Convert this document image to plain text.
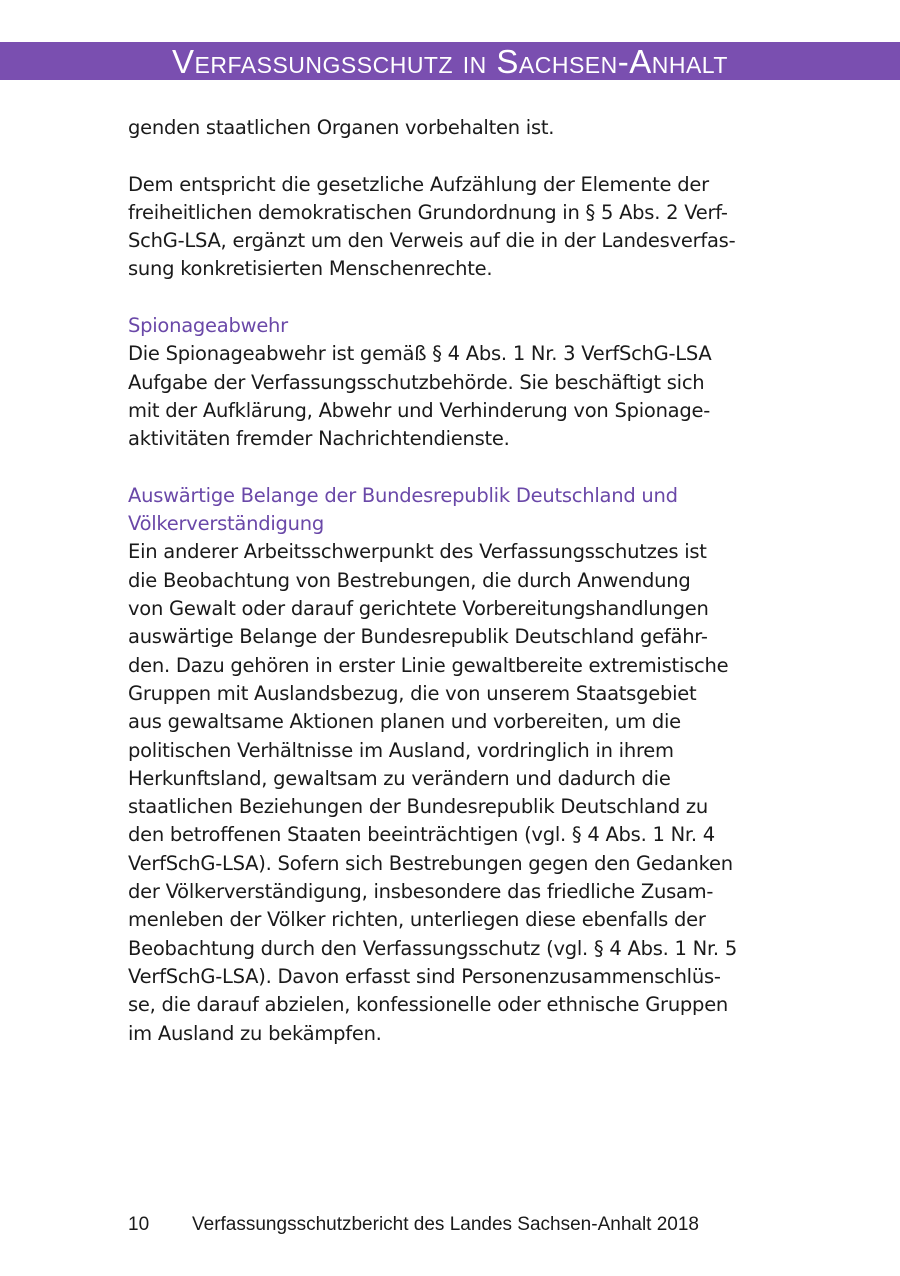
Verfassungsschutz in Sachsen-Anhalt

genden staatlichen Organen vorbehalten ist.

Dem entspricht die gesetzliche Aufzählung der Elemente der
freiheitlichen demokratischen Grundordnung in § 5 Abs. 2 Verf-
SchG-LSA, ergänzt um den Verweis auf die in der Landesverfas-
sung konkretisierten Menschenrechte.

Spionageabwehr

Die Spionageabwehr ist gemäß § 4 Abs. 1 Nr. 3 VerfSchG-LSA
Aufgabe der Verfassungsschutzbehörde. Sie beschäftigt sich
mit der Aufklärung, Abwehr und Verhinderung von Spionage-
aktivitäten fremder Nachrichtendienste.

Auswärtige Belange der Bundesrepublik Deutschland und
Völkerverständigung

Ein anderer Arbeitsschwerpunkt des Verfassungsschutzes ist
die Beobachtung von Bestrebungen, die durch Anwendung
von Gewalt oder darauf gerichtete Vorbereitungshandlungen
auswärtige Belange der Bundesrepublik Deutschland gefähr-
den. Dazu gehören in erster Linie gewaltbereite extremistische
Gruppen mit Auslandsbezug, die von unserem Staatsgebiet
aus gewaltsame Aktionen planen und vorbereiten, um die
politischen Verhältnisse im Ausland, vordringlich in ihrem
Herkunftsland, gewaltsam zu verändern und dadurch die
staatlichen Beziehungen der Bundesrepublik Deutschland zu
den betroffenen Staaten beeinträchtigen (vgl. § 4 Abs. 1 Nr. 4
VerfSchG-LSA). Sofern sich Bestrebungen gegen den Gedanken
der Völkerverständigung, insbesondere das friedliche Zusam-
menleben der Völker richten, unterliegen diese ebenfalls der
Beobachtung durch den Verfassungsschutz (vgl. § 4 Abs. 1 Nr. 5
VerfSchG-LSA). Davon erfasst sind Personenzusammenschlüs-
se, die darauf abzielen, konfessionelle oder ethnische Gruppen
im Ausland zu bekämpfen.

10 Verfassungsschutzbericht des Landes Sachsen-Anhalt 2018
